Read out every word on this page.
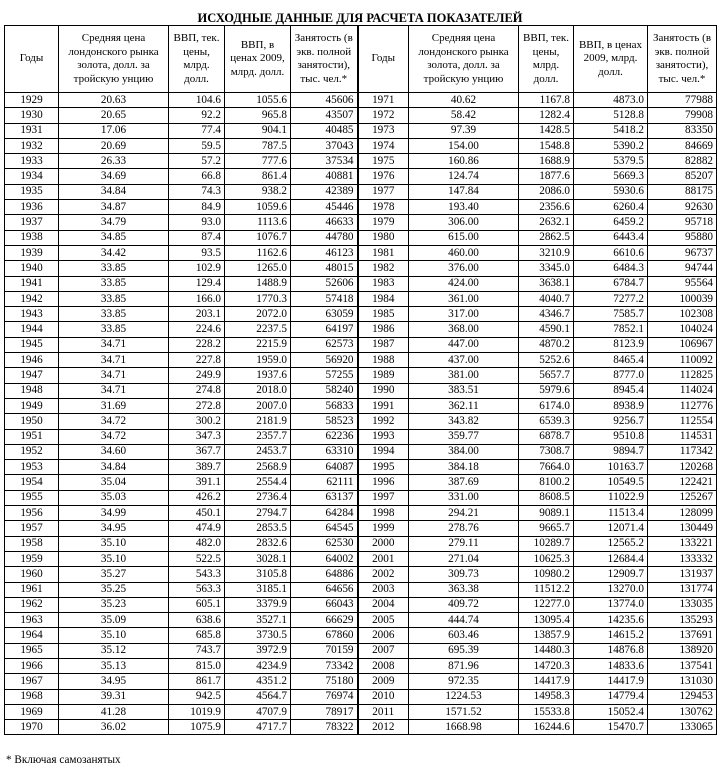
ИСХОДНЫЕ ДАННЫЕ ДЛЯ РАСЧЕТА ПОКАЗАТЕЛЕЙ
Годы	Средняя цена лондонского рынка золота, долл. за тройскую унцию	ВВП, тек. цены, млрд. долл.	ВВП, в ценах 2009, млрд. долл.	Занятость (в экв. полной занятости), тыс. чел.*	Годы	Средняя цена лондонского рынка золота, долл. за тройскую унцию	ВВП, тек. цены, млрд. долл.	ВВП, в ценах 2009, млрд. долл.	Занятость (в экв. полной занятости), тыс. чел.*
1929	20.63	104.6	1055.6	45606	1971	40.62	1167.8	4873.0	77988
1930	20.65	92.2	965.8	43507	1972	58.42	1282.4	5128.8	79908
1931	17.06	77.4	904.1	40485	1973	97.39	1428.5	5418.2	83350
1932	20.69	59.5	787.5	37043	1974	154.00	1548.8	5390.2	84669
1933	26.33	57.2	777.6	37534	1975	160.86	1688.9	5379.5	82882
1934	34.69	66.8	861.4	40881	1976	124.74	1877.6	5669.3	85207
1935	34.84	74.3	938.2	42389	1977	147.84	2086.0	5930.6	88175
1936	34.87	84.9	1059.6	45446	1978	193.40	2356.6	6260.4	92630
1937	34.79	93.0	1113.6	46633	1979	306.00	2632.1	6459.2	95718
1938	34.85	87.4	1076.7	44780	1980	615.00	2862.5	6443.4	95880
1939	34.42	93.5	1162.6	46123	1981	460.00	3210.9	6610.6	96737
1940	33.85	102.9	1265.0	48015	1982	376.00	3345.0	6484.3	94744
1941	33.85	129.4	1488.9	52606	1983	424.00	3638.1	6784.7	95564
1942	33.85	166.0	1770.3	57418	1984	361.00	4040.7	7277.2	100039
1943	33.85	203.1	2072.0	63059	1985	317.00	4346.7	7585.7	102308
1944	33.85	224.6	2237.5	64197	1986	368.00	4590.1	7852.1	104024
1945	34.71	228.2	2215.9	62573	1987	447.00	4870.2	8123.9	106967
1946	34.71	227.8	1959.0	56920	1988	437.00	5252.6	8465.4	110092
1947	34.71	249.9	1937.6	57255	1989	381.00	5657.7	8777.0	112825
1948	34.71	274.8	2018.0	58240	1990	383.51	5979.6	8945.4	114024
1949	31.69	272.8	2007.0	56833	1991	362.11	6174.0	8938.9	112776
1950	34.72	300.2	2181.9	58523	1992	343.82	6539.3	9256.7	112554
1951	34.72	347.3	2357.7	62236	1993	359.77	6878.7	9510.8	114531
1952	34.60	367.7	2453.7	63310	1994	384.00	7308.7	9894.7	117342
1953	34.84	389.7	2568.9	64087	1995	384.18	7664.0	10163.7	120268
1954	35.04	391.1	2554.4	62111	1996	387.69	8100.2	10549.5	122421
1955	35.03	426.2	2736.4	63137	1997	331.00	8608.5	11022.9	125267
1956	34.99	450.1	2794.7	64284	1998	294.21	9089.1	11513.4	128099
1957	34.95	474.9	2853.5	64545	1999	278.76	9665.7	12071.4	130449
1958	35.10	482.0	2832.6	62530	2000	279.11	10289.7	12565.2	133221
1959	35.10	522.5	3028.1	64002	2001	271.04	10625.3	12684.4	133332
1960	35.27	543.3	3105.8	64886	2002	309.73	10980.2	12909.7	131937
1961	35.25	563.3	3185.1	64656	2003	363.38	11512.2	13270.0	131774
1962	35.23	605.1	3379.9	66043	2004	409.72	12277.0	13774.0	133035
1963	35.09	638.6	3527.1	66629	2005	444.74	13095.4	14235.6	135293
1964	35.10	685.8	3730.5	67860	2006	603.46	13857.9	14615.2	137691
1965	35.12	743.7	3972.9	70159	2007	695.39	14480.3	14876.8	138920
1966	35.13	815.0	4234.9	73342	2008	871.96	14720.3	14833.6	137541
1967	34.95	861.7	4351.2	75180	2009	972.35	14417.9	14417.9	131030
1968	39.31	942.5	4564.7	76974	2010	1224.53	14958.3	14779.4	129453
1969	41.28	1019.9	4707.9	78917	2011	1571.52	15533.8	15052.4	130762
1970	36.02	1075.9	4717.7	78322	2012	1668.98	16244.6	15470.7	133065
* Включая самозанятых
